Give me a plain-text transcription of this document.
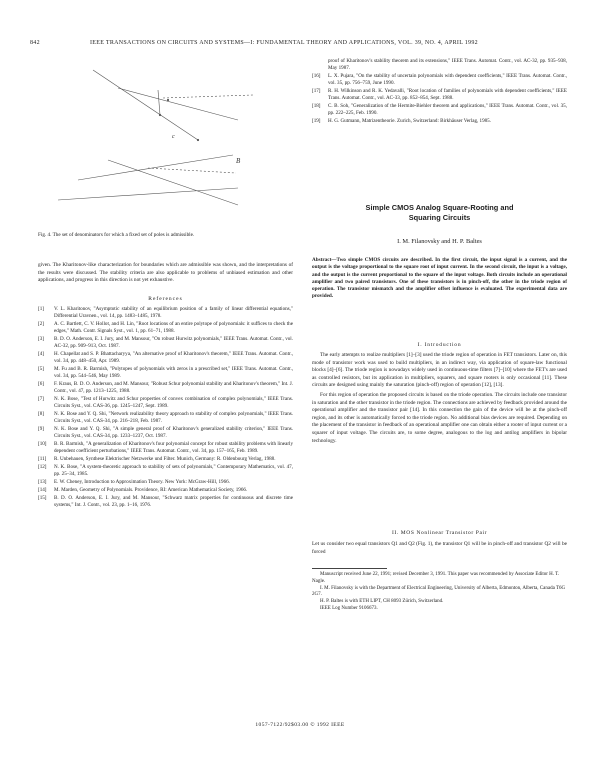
842	IEEE TRANSACTIONS ON CIRCUITS AND SYSTEMS—I: FUNDAMENTAL THEORY AND APPLICATIONS, VOL. 39, NO. 4, APRIL 1992
B
c
Fig. 4. The set of denominators for which a fixed set of poles is admissible.
given. The Kharitonov-like characterization for boundaries which are admissible was shown, and the interpretations of the results were discussed. The stability criteria are also applicable to problems of unbiased estimation and other applications, and progress in this direction is not yet exhaustive.
References
[1] V. L. Kharitonov, "Asymptotic stability of an equilibrium position of a family of linear differential equations," Differential Uravnen., vol. 14, pp. 1483–1485, 1978.
[2] A. C. Bartlett, C. V. Hollot, and H. Lin, "Root locations of an entire polytope of polynomials: it suffices to check the edges," Math. Contr. Signals Syst., vol. 1, pp. 61–71, 1988.
[3] B. D. O. Anderson, E. I. Jury, and M. Mansour, "On robust Hurwitz polynomials," IEEE Trans. Automat. Contr., vol. AC-32, pp. 909–913, Oct. 1987.
[4] H. Chapellat and S. P. Bhattacharyya, "An alternative proof of Kharitonov's theorem," IEEE Trans. Automat. Contr., vol. 34, pp. 448–450, Apr. 1989.
[5] M. Fu and B. R. Barmish, "Polytopes of polynomials with zeros in a prescribed set," IEEE Trans. Automat. Contr., vol. 34, pp. 544–546, May 1989.
[6] F. Kraus, B. D. O. Anderson, and M. Mansour, "Robust Schur polynomial stability and Kharitonov's theorem," Int. J. Contr., vol. 47, pp. 1213–1225, 1988.
[7] N. K. Bose, "Test of Hurwitz and Schur properties of convex combination of complex polynomials," IEEE Trans. Circuits Syst., vol. CAS-36, pp. 1245–1247, Sept. 1989.
[8] N. K. Bose and Y. Q. Shi, "Network realizability theory approach to stability of complex polynomials," IEEE Trans. Circuits Syst., vol. CAS-34, pp. 216–218, Feb. 1987.
[9] N. K. Bose and Y. Q. Shi, "A simple general proof of Kharitonov's generalized stability criterion," IEEE Trans. Circuits Syst., vol. CAS-34, pp. 1233–1237, Oct. 1987.
[10] B. R. Barmish, "A generalization of Kharitonov's four polynomial concept for robust stability problems with linearly dependent coefficient perturbations," IEEE Trans. Automat. Contr., vol. 34, pp. 157–165, Feb. 1989.
[11] R. Unbehauen, Synthese Elektrischer Netzwerke und Filter. Munich, Germany: R. Oldenbourg Verlag, 1988.
[12] N. K. Bose, "A system-theoretic approach to stability of sets of polynomials," Contemporary Mathematics, vol. 47, pp. 25–34, 1985.
[13] E. W. Cheney, Introduction to Approximation Theory. New York: McGraw-Hill, 1966.
[14] M. Marden, Geometry of Polynomials. Providence, RI: American Mathematical Society, 1966.
[15] B. D. O. Anderson, E. I. Jury, and M. Mansour, "Schwarz matrix properties for continuous and discrete time systems," Int. J. Contr., vol. 23, pp. 1–16, 1976.
proof of Kharitonov's stability theorem and its extensions," IEEE Trans. Automat. Contr., vol. AC-32, pp. 935–938, May 1987.
[16] L. X. Pujara, "On the stability of uncertain polynomials with dependent coefficients," IEEE Trans. Automat. Contr., vol. 35, pp. 756–759, June 1990.
[17] R. H. Wilkinson and R. K. Yedavalli, "Root location of families of polynomials with dependent coefficients," IEEE Trans. Automat. Contr., vol. AC-33, pp. 852–854, Sept. 1988.
[18] C. B. Soh, "Generalization of the Hermite-Biehler theorem and applications," IEEE Trans. Automat. Contr., vol. 35, pp. 222–225, Feb. 1990.
[19] H. G. Gutmann, Matrizentheorie. Zurich, Switzerland: Birkhäuser Verlag, 1985.
Simple CMOS Analog Square-Rooting and
Squaring Circuits
I. M. Filanovsky and H. P. Baltes
Abstract—Two simple CMOS circuits are described. In the first circuit, the input signal is a current, and the output is the voltage proportional to the square root of input current. In the second circuit, the input is a voltage, and the output is the current proportional to the square of the input voltage. Both circuits include an operational amplifier and two paired transistors. One of these transistors is in pinch-off, the other in the triode region of operation. The transistor mismatch and the amplifier offset influence is evaluated. The experimental data are provided.
I. Introduction

The early attempts to realize multipliers [1]–[3] used the triode region of operation in FET transistors. Later on, this mode of transistor work was used to build multipliers, in an indirect way, via application of square-law functional blocks [4]–[6]. The triode region is nowadays widely used in continuous-time filters [7]–[10] where the FET's are used as controlled resistors, but its application in multipliers, squarers, and square rooters is only occasional [11]. These circuits are designed using mainly the saturation (pinch-off) region of operation [12], [13].

For this region of operation the proposed circuits is based on the triode operation. The circuits include one transistor in saturation and the other transistor in the triode region. The connections are achieved by feedback provided around the operational amplifier and the transistor pair [14]. In this connection the gain of the device will be at the pinch-off region, and its other is automatically forced to the triode region. No additional bias devices are required. Depending on the placement of the transistor in feedback of an operational amplifier one can obtain either a rooter of input current or a squarer of input voltage. The circuits are, to some degree, analogous to the log and antilog amplifiers in bipolar technology.

II. MOS Nonlinear Transistor Pair
Let us consider two equal transistors Q1 and Q2 (Fig. 1), the transistor Q1 will be in pinch-off and transistor Q2 will be forced

Manuscript received June 22, 1991; revised December 3, 1991. This paper was recommended by Associate Editor H. T. Nagle.

I. M. Filanovsky is with the Department of Electrical Engineering, University of Alberta, Edmonton, Alberta, Canada T6G 2G7.

H. P. Baltes is with ETH LIPT, CH 8093 Zürich, Switzerland.

IEEE Log Number 9106673.

1057-7122/92$03.00 © 1992 IEEE
